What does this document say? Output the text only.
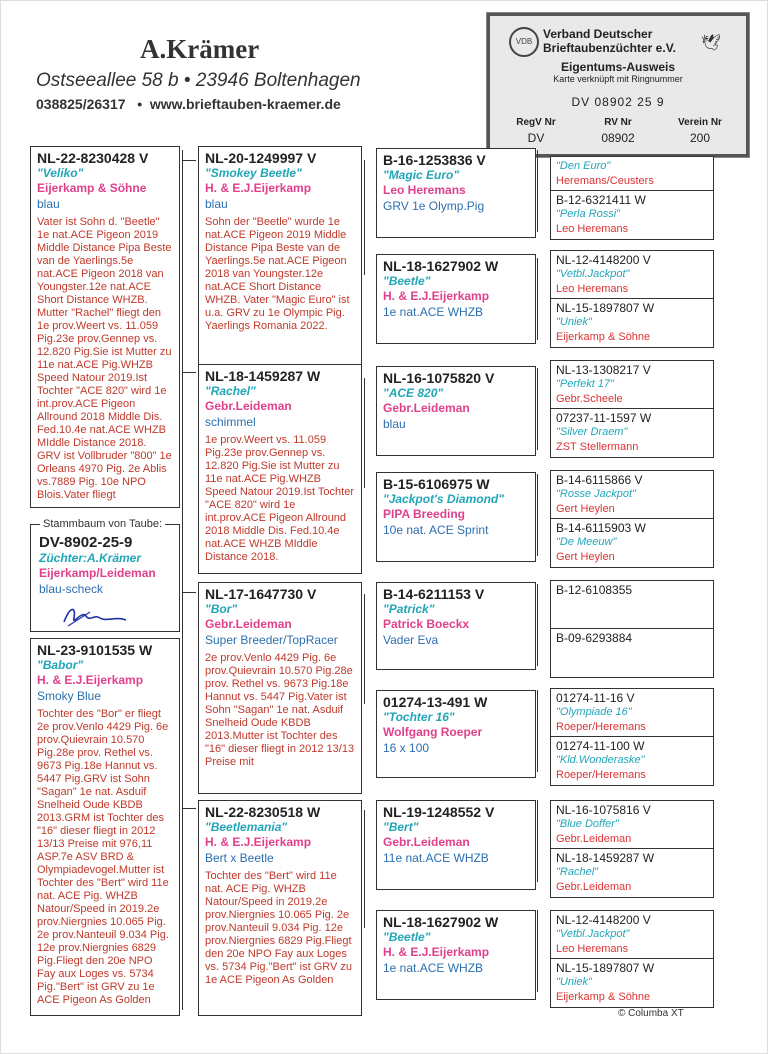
A.Krämer
Ostseeallee 58 b • 23946 Boltenhagen
038825/26317   •  www.brieftauben-kraemer.de
VDB
Verband Deutscher
Brieftaubenzüchter e.V. 🕊
Eigentums-Ausweis
Karte verknüpft mit Ringnummer
DV 08902 25 9
RegV Nr	RV Nr	Verein Nr
DV	08902	200
NL-22-8230428 V
"Veliko"
Eijerkamp & Söhne
blau
Vater ist Sohn d. "Beetle" 1e nat.ACE Pigeon 2019 Middle Distance Pipa Beste van de Yaerlings.5e nat.ACE Pigeon 2018 van Youngster.12e nat.ACE Short Distance WHZB. Mutter "Rachel" fliegt den 1e prov.Weert vs. 11.059 Pig.23e prov.Gennep vs. 12.820 Pig.Sie ist Mutter zu 11e nat.ACE Pig.WHZB Speed Natour 2019.Ist Tochter "ACE 820" wird 1e int.prov.ACE Pigeon Allround 2018 Middle Dis. Fed.10.4e nat.ACE WHZB MIddle Distance 2018. GRV ist Vollbruder "800" 1e Orleans 4970 Pig. 2e Ablis vs.7889 Pig. 10e NPO Blois.Vater fliegt
DV-8902-25-9
Züchter:A.Krämer
Eijerkamp/Leideman
blau-scheck
Stammbaum von Taube:
NL-23-9101535 W
"Babor"
H. & E.J.Eijerkamp
Smoky Blue
Tochter des "Bor" er fliegt 2e prov.Venlo 4429 Pig. 6e prov.Quievrain 10.570 Pig.28e prov. Rethel vs. 9673 Pig.18e Hannut vs. 5447 Pig.GRV ist Sohn "Sagan" 1e nat. Asduif Snelheid Oude KBDB 2013.GRM ist Tochter des "16" dieser fliegt in 2012 13/13 Preise mit 976,11 ASP.7e ASV BRD & Olympiadevogel.Mutter ist Tochter des "Bert" wird 11e nat. ACE Pig. WHZB Natour/Speed in 2019.2e prov.Niergnies 10.065 Pig. 2e prov.Nanteuil 9.034 Pig. 12e prov.Niergnies 6829 Pig.Fliegt den 20e NPO Fay aux Loges vs. 5734 Pig."Bert" ist GRV zu 1e ACE Pigeon As Golden
NL-20-1249997 V
"Smokey Beetle"
H. & E.J.Eijerkamp
blau
Sohn der "Beetle" wurde 1e nat.ACE Pigeon 2019 Middle Distance Pipa Beste van de Yaerlings.5e nat.ACE Pigeon 2018 van Youngster.12e nat.ACE Short Distance WHZB. Vater "Magic Euro" ist u.a. GRV zu 1e Olympic Pig. Yaerlings Romania 2022.
NL-18-1459287 W
"Rachel"
Gebr.Leideman
schimmel
1e prov.Weert vs. 11.059 Pig.23e prov.Gennep vs. 12.820 Pig.Sie ist Mutter zu 11e nat.ACE Pig.WHZB Speed Natour 2019.Ist Tochter "ACE 820" wird 1e int.prov.ACE Pigeon Allround 2018 Middle Dis. Fed.10.4e nat.ACE WHZB MIddle Distance 2018.
NL-17-1647730 V
"Bor"
Gebr.Leideman
Super Breeder/TopRacer
2e prov.Venlo 4429 Pig. 6e prov.Quievrain 10.570 Pig.28e prov. Rethel vs. 9673 Pig.18e Hannut vs. 5447 Pig.Vater ist Sohn "Sagan" 1e nat. Asduif Snelheid Oude KBDB 2013.Mutter ist Tochter des "16" dieser fliegt in 2012 13/13 Preise mit
NL-22-8230518 W
"Beetlemania"
H. & E.J.Eijerkamp
Bert x Beetle
Tochter des "Bert" wird 11e nat. ACE Pig. WHZB Natour/Speed in 2019.2e prov.Niergnies 10.065 Pig. 2e prov.Nanteuil 9.034 Pig. 12e prov.Niergnies 6829 Pig.Fliegt den 20e NPO Fay aux Loges vs. 5734 Pig."Bert" ist GRV zu 1e ACE Pigeon As Golden
B-16-1253836 V
"Magic Euro"
Leo Heremans
GRV 1e Olymp.Pig
NL-18-1627902 W
"Beetle"
H. & E.J.Eijerkamp
1e nat.ACE WHZB
NL-16-1075820 V
"ACE 820"
Gebr.Leideman
blau
B-15-6106975 W
"Jackpot's Diamond"
PIPA Breeding
10e nat. ACE Sprint
B-14-6211153 V
"Patrick"
Patrick Boeckx
Vader Eva
01274-13-491 W
"Tochter 16"
Wolfgang Roeper
16 x 100
NL-19-1248552 V
"Bert"
Gebr.Leideman
11e nat.ACE WHZB
NL-18-1627902 W
"Beetle"
H. & E.J.Eijerkamp
1e nat.ACE WHZB
"Den Euro"
Heremans/Ceusters
B-12-6321411 W
"Perla Rossi"
Leo Heremans
NL-12-4148200 V
"Vetbl.Jackpot"
Leo Heremans
NL-15-1897807 W
"Uniek"
Eijerkamp & Söhne
NL-13-1308217 V
"Perfekt 17"
Gebr.Scheele
07237-11-1597 W
"Silver Draem"
ZST Stellermann
B-14-6115866 V
"Rosse Jackpot"
Gert Heylen
B-14-6115903 W
"De Meeuw"
Gert Heylen
B-12-6108355
B-09-6293884
01274-11-16 V
"Olympiade 16"
Roeper/Heremans
01274-11-100 W
"Kld.Wonderaske"
Roeper/Heremans
NL-16-1075816 V
"Blue Doffer"
Gebr.Leideman
NL-18-1459287 W
"Rachel"
Gebr.Leideman
NL-12-4148200 V
"Vetbl.Jackpot"
Leo Heremans
NL-15-1897807 W
"Uniek"
Eijerkamp & Söhne
© Columba XT
